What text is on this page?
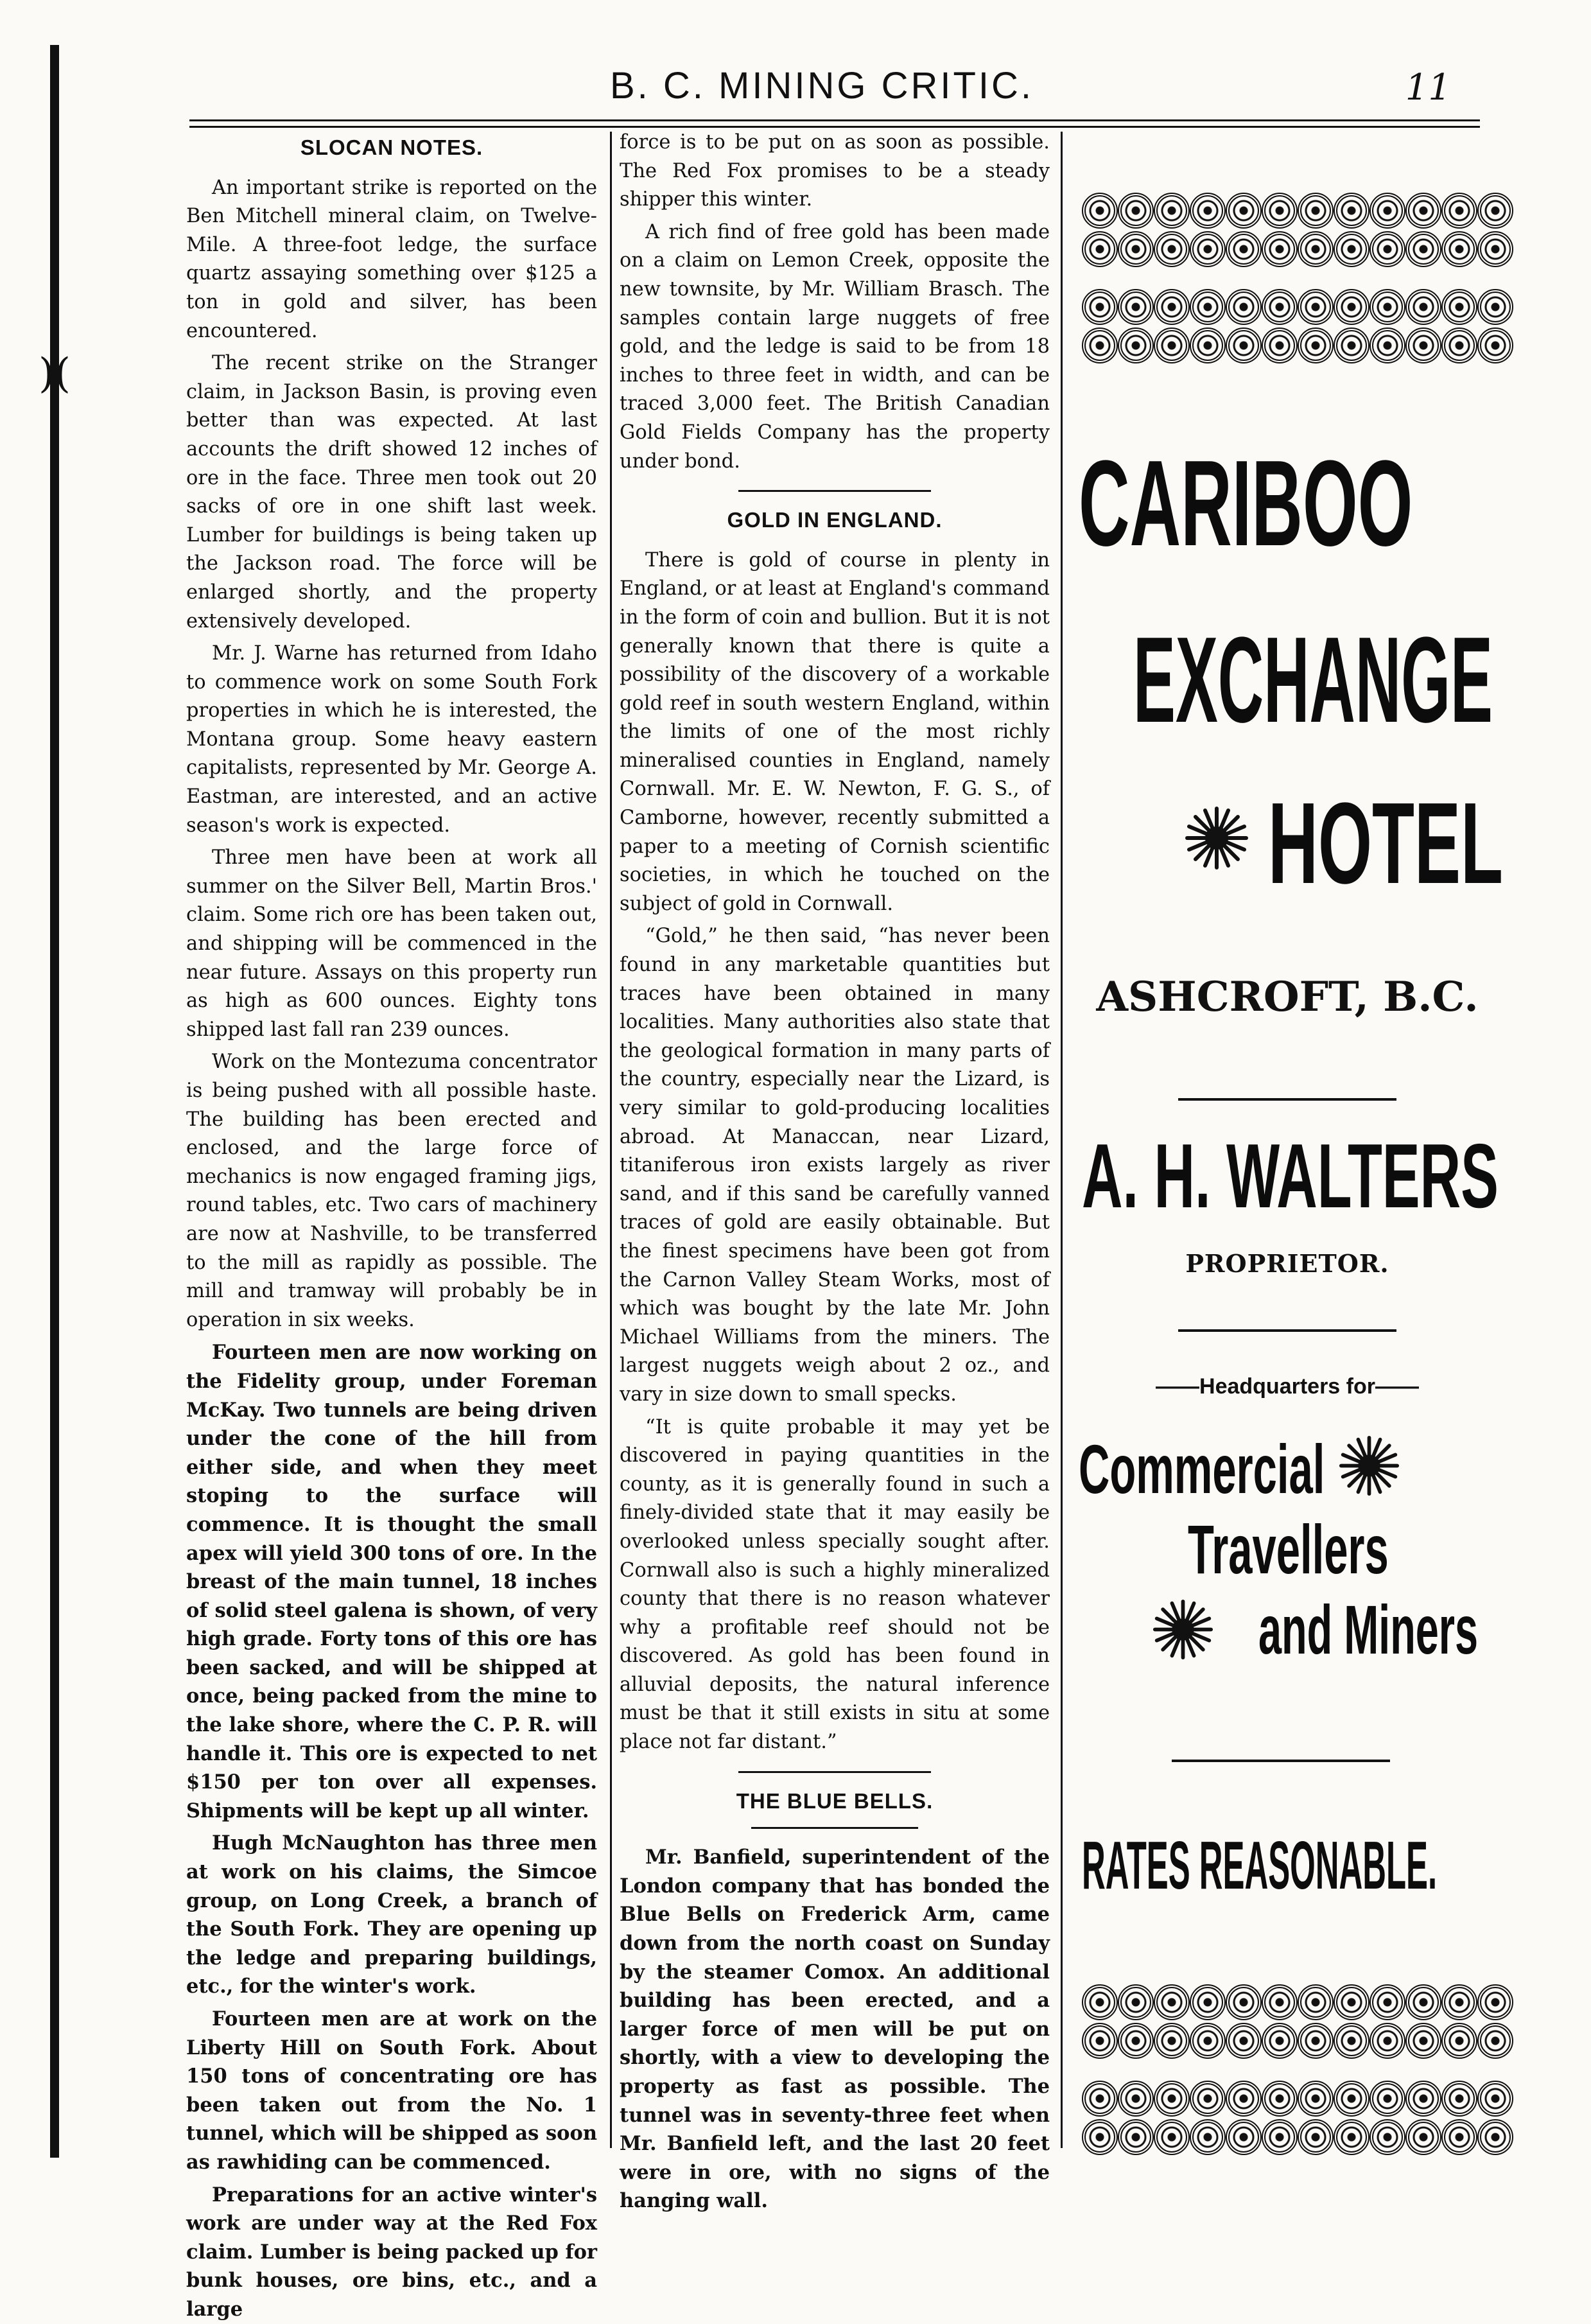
)(
B. C. MINING CRITIC.	11
SLOCAN NOTES.

An important strike is reported on the Ben Mitchell mineral claim, on Twelve-Mile. A three-foot ledge, the surface quartz assaying something over $125 a ton in gold and silver, has been encountered.

The recent strike on the Stranger claim, in Jackson Basin, is proving even better than was expected. At last accounts the drift showed 12 inches of ore in the face. Three men took out 20 sacks of ore in one shift last week. Lumber for buildings is being taken up the Jackson road. The force will be enlarged shortly, and the property extensively developed.

Mr. J. Warne has returned from Idaho to commence work on some South Fork properties in which he is interested, the Montana group. Some heavy eastern capitalists, represented by Mr. George A. Eastman, are interested, and an active season's work is expected.

Three men have been at work all summer on the Silver Bell, Martin Bros.' claim. Some rich ore has been taken out, and shipping will be commenced in the near future. Assays on this property run as high as 600 ounces. Eighty tons shipped last fall ran 239 ounces.

Work on the Montezuma concentrator is being pushed with all possible haste. The building has been erected and enclosed, and the large force of mechanics is now engaged framing jigs, round tables, etc. Two cars of machinery are now at Nashville, to be transferred to the mill as rapidly as possible. The mill and tramway will probably be in operation in six weeks.

Fourteen men are now working on the Fidelity group, under Foreman McKay. Two tunnels are being driven under the cone of the hill from either side, and when they meet stoping to the surface will commence. It is thought the small apex will yield 300 tons of ore. In the breast of the main tunnel, 18 inches of solid steel galena is shown, of very high grade. Forty tons of this ore has been sacked, and will be shipped at once, being packed from the mine to the lake shore, where the C. P. R. will handle it. This ore is expected to net $150 per ton over all expenses. Shipments will be kept up all winter.

Hugh McNaughton has three men at work on his claims, the Simcoe group, on Long Creek, a branch of the South Fork. They are opening up the ledge and preparing buildings, etc., for the winter's work.

Fourteen men are at work on the Liberty Hill on South Fork. About 150 tons of concentrating ore has been taken out from the No. 1 tunnel, which will be shipped as soon as rawhiding can be commenced.

Preparations for an active winter's work are under way at the Red Fox claim. Lumber is being packed up for bunk houses, ore bins, etc., and a large

force is to be put on as soon as possible. The Red Fox promises to be a steady shipper this winter.

A rich find of free gold has been made on a claim on Lemon Creek, opposite the new townsite, by Mr. William Brasch. The samples contain large nuggets of free gold, and the ledge is said to be from 18 inches to three feet in width, and can be traced 3,000 feet. The British Canadian Gold Fields Company has the property under bond.

GOLD IN ENGLAND.

There is gold of course in plenty in England, or at least at England's command in the form of coin and bullion. But it is not generally known that there is quite a possibility of the discovery of a workable gold reef in south western England, within the limits of one of the most richly mineralised counties in England, namely Cornwall. Mr. E. W. Newton, F. G. S., of Camborne, however, recently submitted a paper to a meeting of Cornish scientific societies, in which he touched on the subject of gold in Cornwall.

“Gold,” he then said, “has never been found in any marketable quantities but traces have been obtained in many localities. Many authorities also state that the geological formation in many parts of the country, especially near the Lizard, is very similar to gold-producing localities abroad. At Manaccan, near Lizard, titaniferous iron exists largely as river sand, and if this sand be carefully vanned traces of gold are easily obtainable. But the finest specimens have been got from the Carnon Valley Steam Works, most of which was bought by the late Mr. John Michael Williams from the miners. The largest nuggets weigh about 2 oz., and vary in size down to small specks.

“It is quite probable it may yet be discovered in paying quantities in the county, as it is generally found in such a finely-divided state that it may easily be overlooked unless specially sought after. Cornwall also is such a highly mineralized county that there is no reason whatever why a profitable reef should not be discovered. As gold has been found in alluvial deposits, the natural inference must be that it still exists in situ at some place not far distant.”

THE BLUE BELLS.

Mr. Banfield, superintendent of the London company that has bonded the Blue Bells on Frederick Arm, came down from the north coast on Sunday by the steamer Comox. An additional building has been erected, and a larger force of men will be put on shortly, with a view to developing the property as fast as possible. The tunnel was in seventy-three feet when Mr. Banfield left, and the last 20 feet were in ore, with no signs of the hanging wall.

CARIBOO
EXCHANGE
HOTEL
ASHCROFT, B.C.
A. H. WALTERS
PROPRIETOR.
——Headquarters for——
Commercial
Travellers
and Miners
RATES REASONABLE.
